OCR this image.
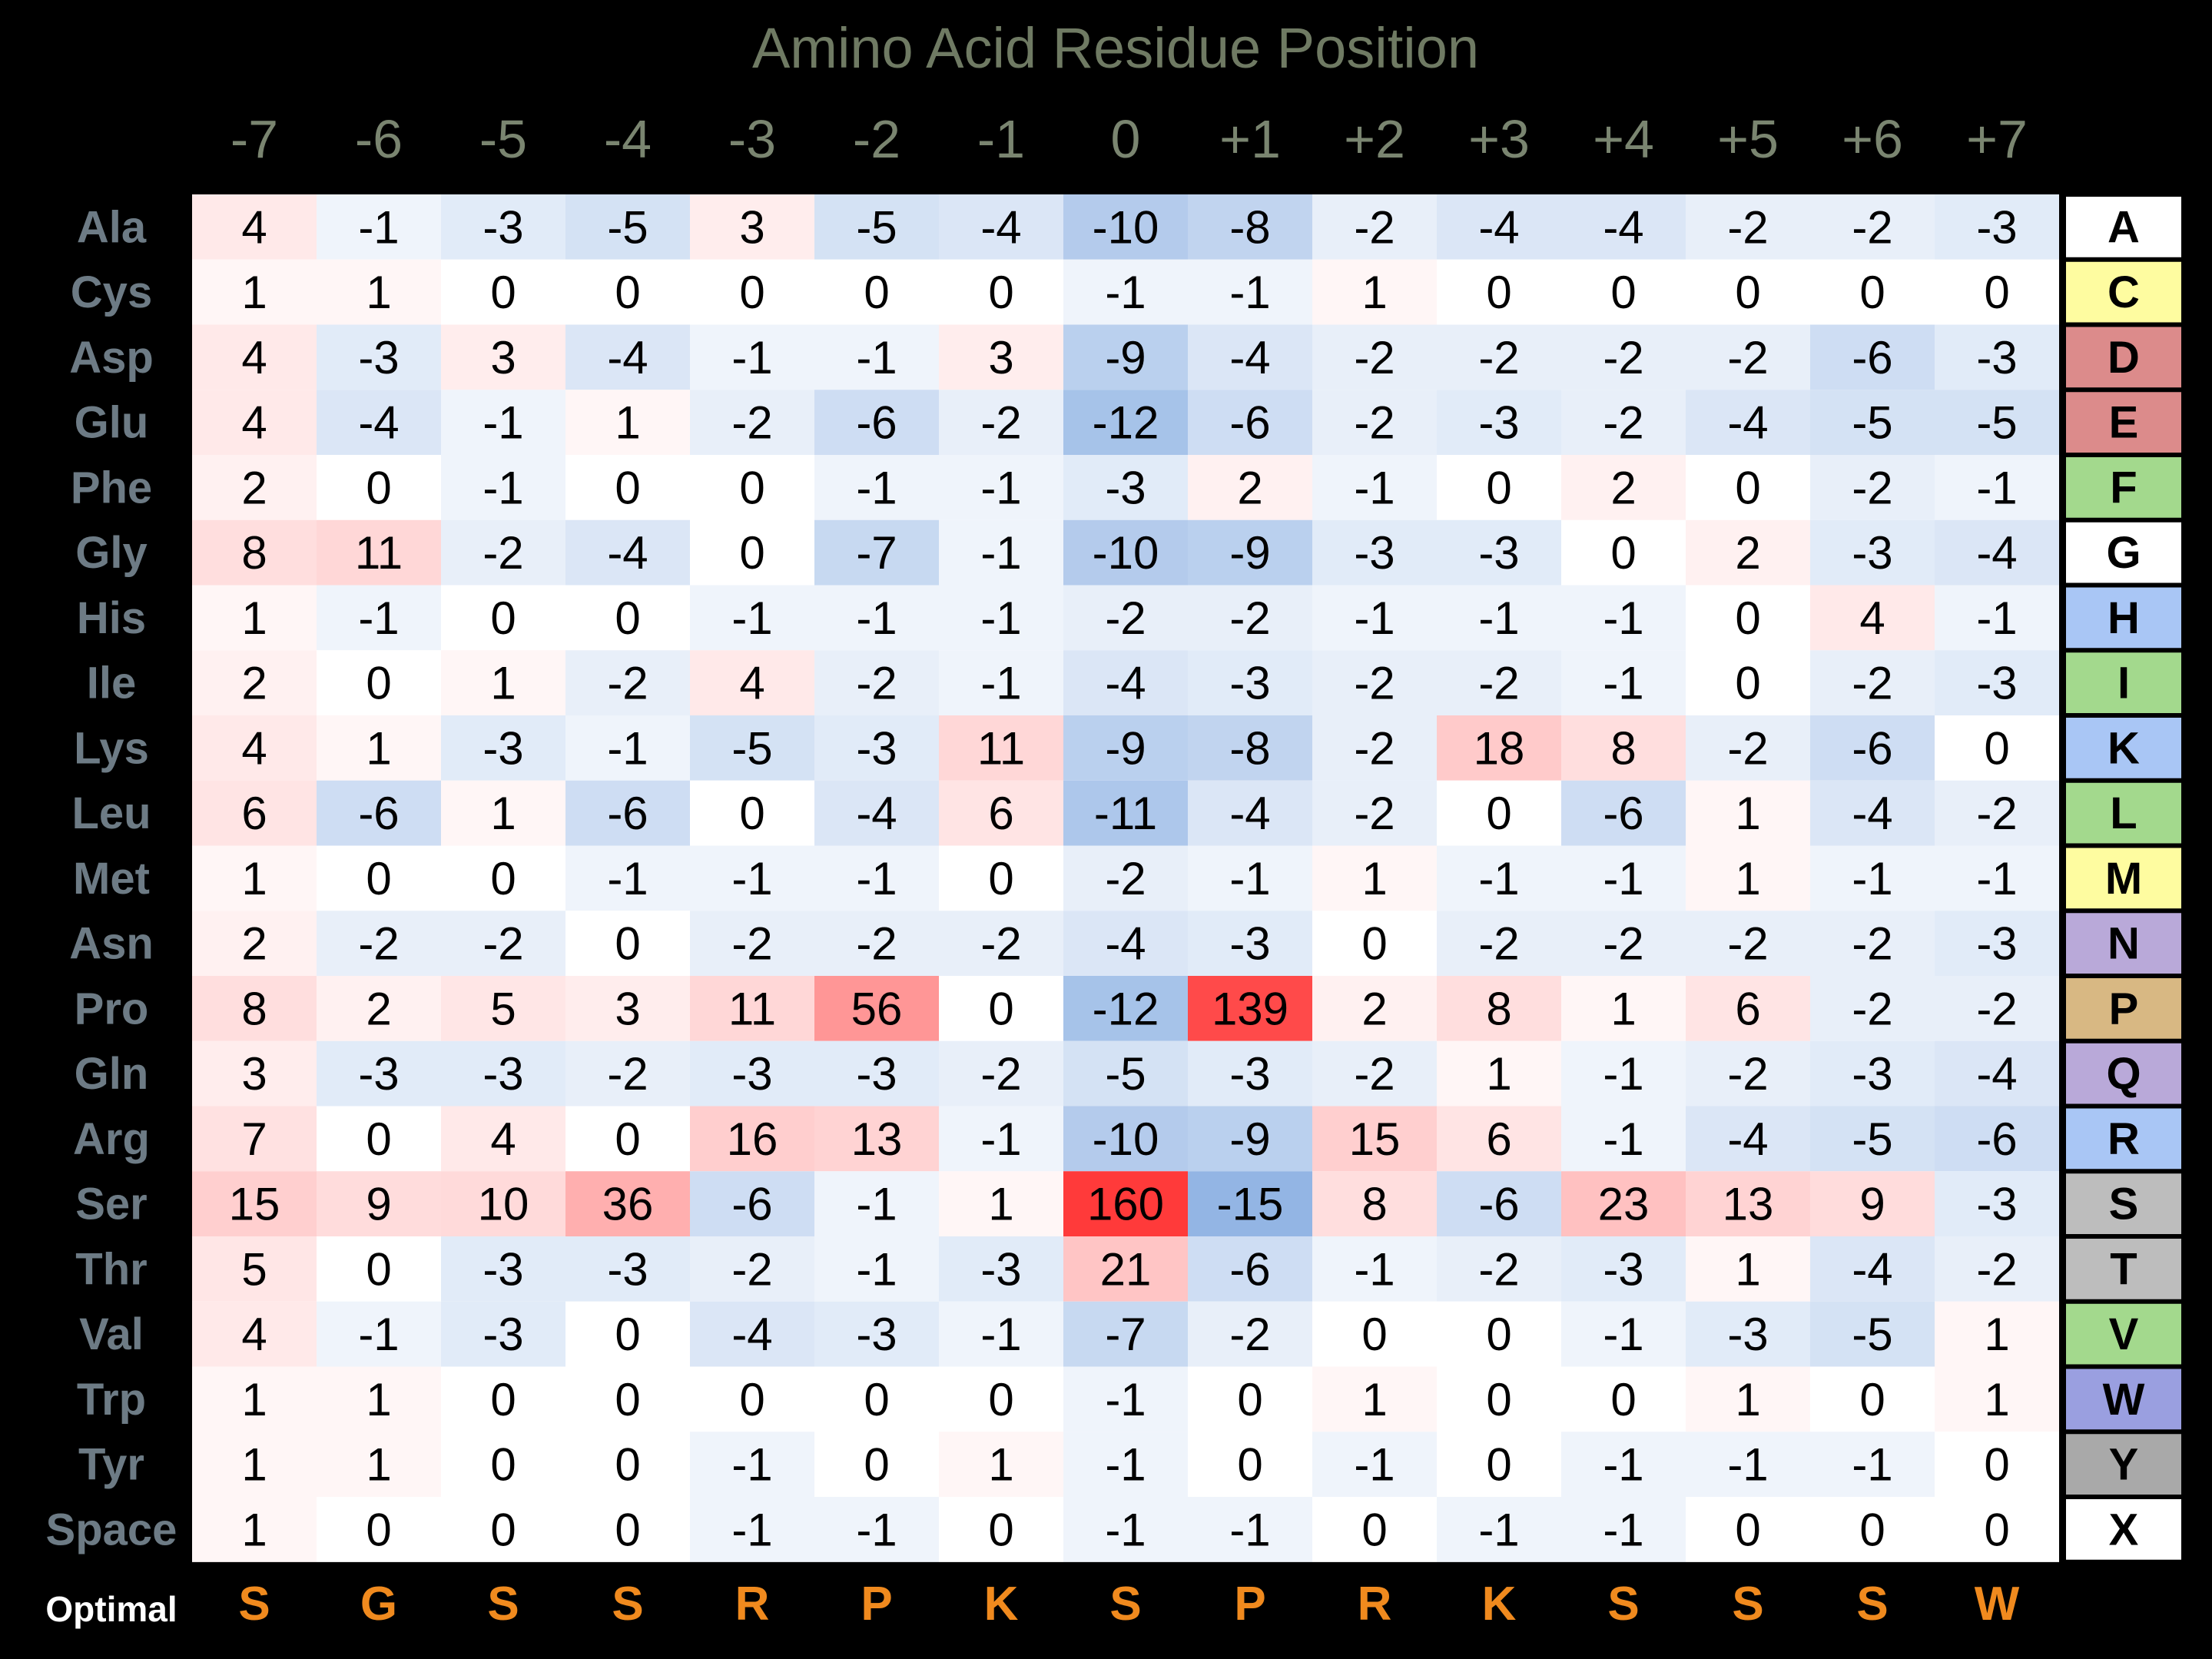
Amino Acid Residue Position
-7 -6 -5 -4 -3 -2 -1 0 +1 +2 +3 +4 +5 +6 +7
Ala 4 -1 -3 -5 3 -5 -4 -10 -8 -2 -4 -4 -2 -2 -3 A
Cys 1 1 0 0 0 0 0 -1 -1 1 0 0 0 0 0 C
Asp 4 -3 3 -4 -1 -1 3 -9 -4 -2 -2 -2 -2 -6 -3 D
Glu 4 -4 -1 1 -2 -6 -2 -12 -6 -2 -3 -2 -4 -5 -5 E
Phe 2 0 -1 0 0 -1 -1 -3 2 -1 0 2 0 -2 -1 F
Gly 8 11 -2 -4 0 -7 -1 -10 -9 -3 -3 0 2 -3 -4 G
His 1 -1 0 0 -1 -1 -1 -2 -2 -1 -1 -1 0 4 -1 H
Ile 2 0 1 -2 4 -2 -1 -4 -3 -2 -2 -1 0 -2 -3 I
Lys 4 1 -3 -1 -5 -3 11 -9 -8 -2 18 8 -2 -6 0 K
Leu 6 -6 1 -6 0 -4 6 -11 -4 -2 0 -6 1 -4 -2 L
Met 1 0 0 -1 -1 -1 0 -2 -1 1 -1 -1 1 -1 -1 M
Asn 2 -2 -2 0 -2 -2 -2 -4 -3 0 -2 -2 -2 -2 -3 N
Pro 8 2 5 3 11 56 0 -12 139 2 8 1 6 -2 -2 P
Gln 3 -3 -3 -2 -3 -3 -2 -5 -3 -2 1 -1 -2 -3 -4 Q
Arg 7 0 4 0 16 13 -1 -10 -9 15 6 -1 -4 -5 -6 R
Ser 15 9 10 36 -6 -1 1 160 -15 8 -6 23 13 9 -3 S
Thr 5 0 -3 -3 -2 -1 -3 21 -6 -1 -2 -3 1 -4 -2 T
Val 4 -1 -3 0 -4 -3 -1 -7 -2 0 0 -1 -3 -5 1 V
Trp 1 1 0 0 0 0 0 -1 0 1 0 0 1 0 1 W
Tyr 1 1 0 0 -1 0 1 -1 0 -1 0 -1 -1 -1 0 Y
Space 1 0 0 0 -1 -1 0 -1 -1 0 -1 -1 0 0 0 X
Optimal S G S S R P K S P R K S S S W
